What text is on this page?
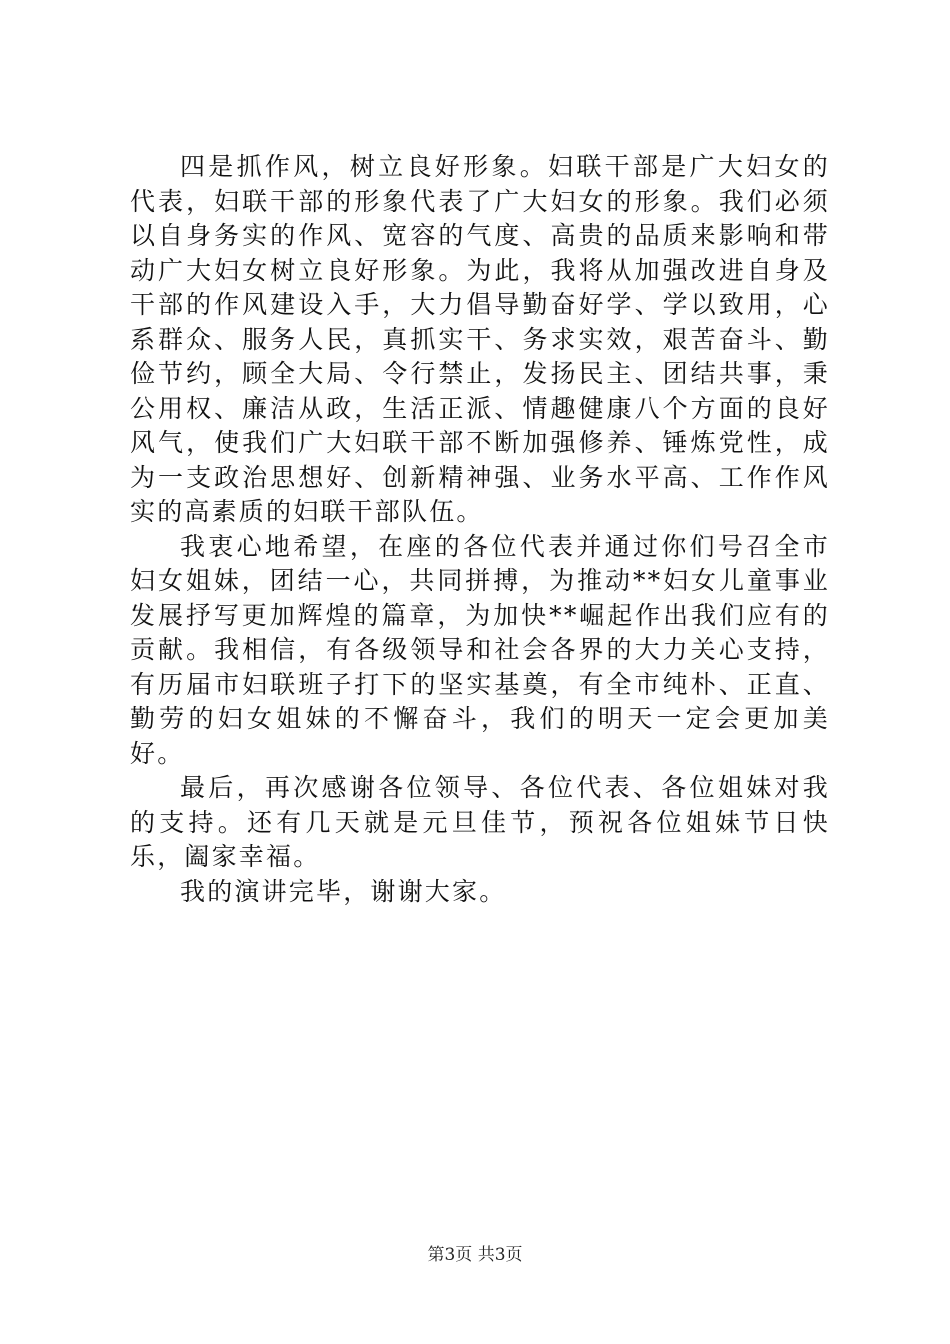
四是抓作风，树立良好形象。妇联干部是广大妇女的代表，妇联干部的形象代表了广大妇女的形象。我们必须以自身务实的作风、宽容的气度、高贵的品质来影响和带动广大妇女树立良好形象。为此，我将从加强改进自身及干部的作风建设入手，大力倡导勤奋好学、学以致用，心系群众、服务人民，真抓实干、务求实效，艰苦奋斗、勤俭节约，顾全大局、令行禁止，发扬民主、团结共事，秉公用权、廉洁从政，生活正派、情趣健康八个方面的良好风气，使我们广大妇联干部不断加强修养、锤炼党性，成为一支政治思想好、创新精神强、业务水平高、工作作风实的高素质的妇联干部队伍。

我衷心地希望，在座的各位代表并通过你们号召全市妇女姐妹，团结一心，共同拼搏，为推动**妇女儿童事业发展抒写更加辉煌的篇章，为加快**崛起作出我们应有的贡献。我相信，有各级领导和社会各界的大力关心支持，有历届市妇联班子打下的坚实基奠，有全市纯朴、正直、勤劳的妇女姐妹的不懈奋斗，我们的明天一定会更加美好。

最后，再次感谢各位领导、各位代表、各位姐妹对我的支持。还有几天就是元旦佳节，预祝各位姐妹节日快乐，阖家幸福。

我的演讲完毕，谢谢大家。

第3页 共3页
